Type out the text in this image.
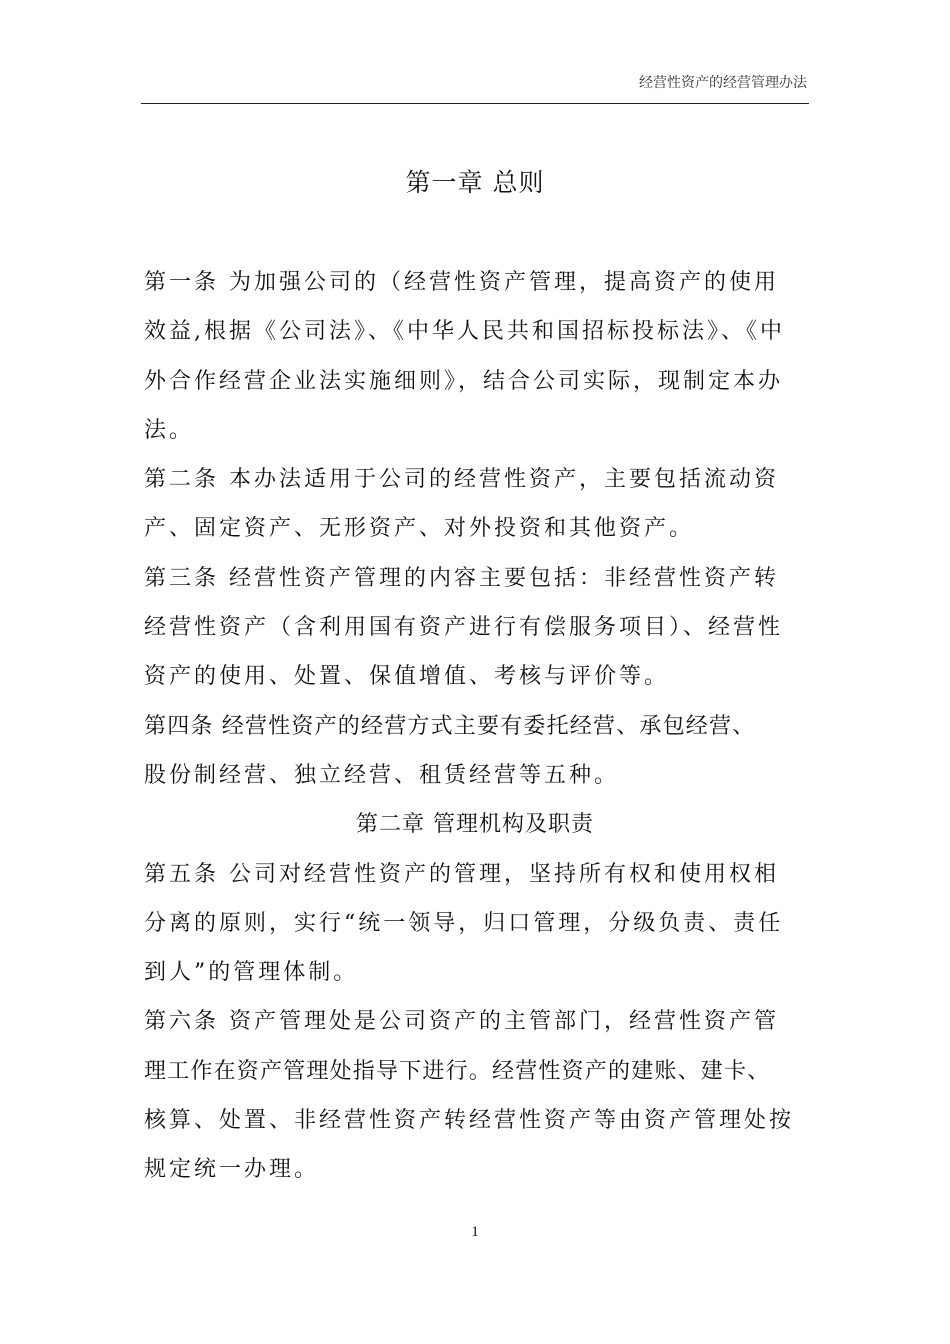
经营性资产的经营管理办法
第一章 总则
第一条 为加强公司的（经营性资产管理，提高资产的使用
效益,根据《公司法》、《中华人民共和国招标投标法》、《中
外合作经营企业法实施细则》，结合公司实际，现制定本办
法。
第二条 本办法适用于公司的经营性资产，主要包括流动资
产、固定资产、无形资产、对外投资和其他资产。
第三条 经营性资产管理的内容主要包括：非经营性资产转
经营性资产（含利用国有资产进行有偿服务项目）、经营性
资产的使用、处置、保值增值、考核与评价等。
第四条 经营性资产的经营方式主要有委托经营、承包经营、
股份制经营、独立经营、租赁经营等五种。
第二章 管理机构及职责
第五条 公司对经营性资产的管理，坚持所有权和使用权相
分离的原则，实行“统一领导，归口管理，分级负责、责任
到人”的管理体制。
第六条 资产管理处是公司资产的主管部门，经营性资产管
理工作在资产管理处指导下进行。经营性资产的建账、建卡、
核算、处置、非经营性资产转经营性资产等由资产管理处按
规定统一办理。
1
